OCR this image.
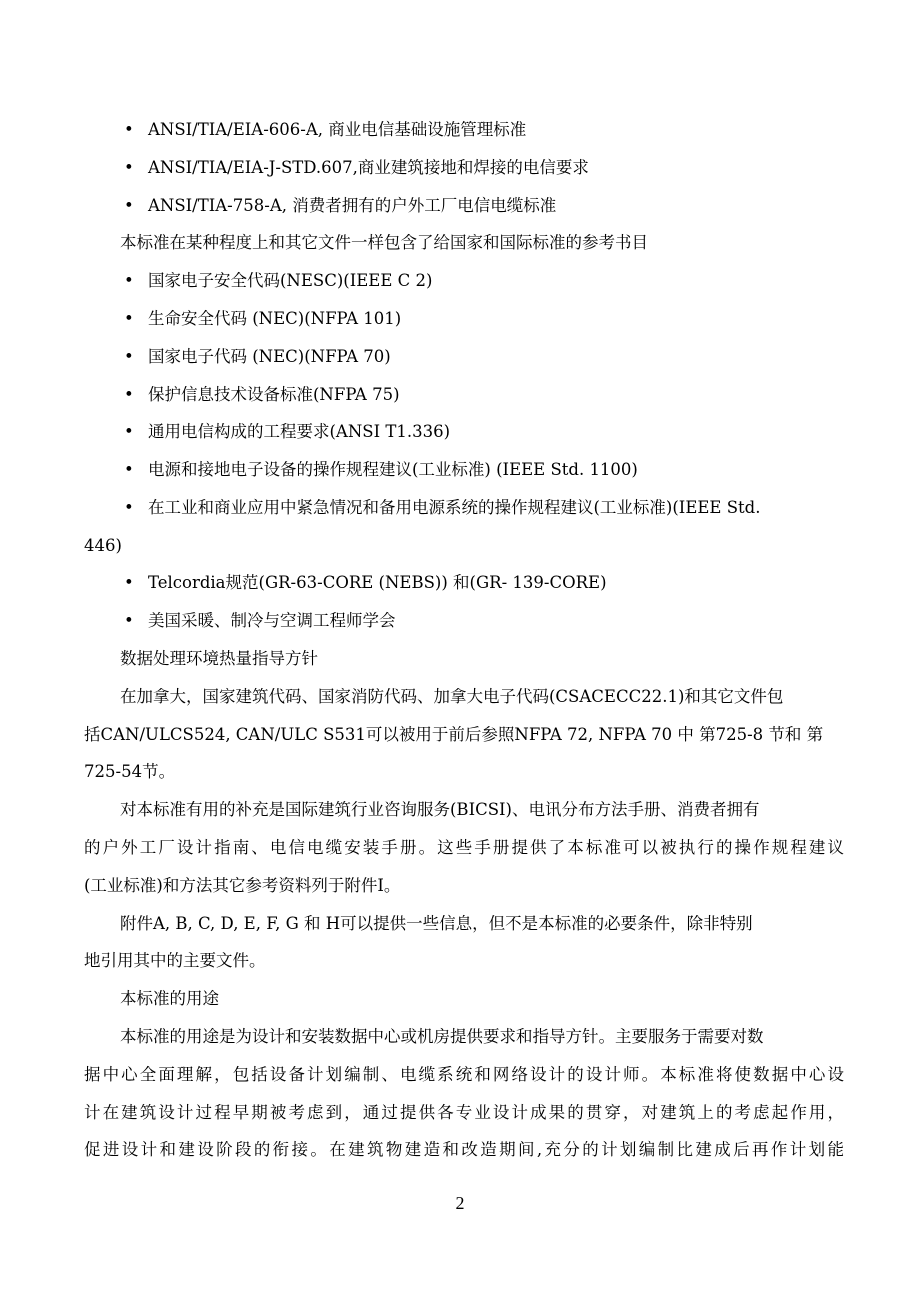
• ANSI/TIA/EIA-606-A, 商业电信基础设施管理标准
• ANSI/TIA/EIA-J-STD.607,商业建筑接地和焊接的电信要求
• ANSI/TIA-758-A, 消费者拥有的户外工厂电信电缆标准
本标准在某种程度上和其它文件一样包含了给国家和国际标准的参考书目
• 国家电子安全代码(NESC)(IEEE C 2)
• 生命安全代码 (NEC)(NFPA 101)
• 国家电子代码 (NEC)(NFPA 70)
• 保护信息技术设备标准(NFPA 75)
• 通用电信构成的工程要求(ANSI T1.336)
• 电源和接地电子设备的操作规程建议(工业标准) (IEEE Std. 1100)
• 在工业和商业应用中紧急情况和备用电源系统的操作规程建议(工业标准)(IEEE Std.
446)
• Telcordia规范(GR-63-CORE (NEBS)) 和(GR- 139-CORE)
• 美国采暖、制冷与空调工程师学会
数据处理环境热量指导方针
在加拿大，国家建筑代码、国家消防代码、加拿大电子代码(CSACECC22.1)和其它文件包
括CAN/ULCS524, CAN/ULC S531可以被用于前后参照NFPA 72, NFPA 70 中 第725-8 节和 第
725-54节。
对本标准有用的补充是国际建筑行业咨询服务(BICSI)、电讯分布方法手册、消费者拥有
的户外工厂设计指南、电信电缆安装手册。这些手册提供了本标准可以被执行的操作规程建议
(工业标准)和方法其它参考资料列于附件I。
附件A, B, C, D, E, F, G 和 H可以提供一些信息，但不是本标准的必要条件，除非特别
地引用其中的主要文件。
本标准的用途
本标准的用途是为设计和安装数据中心或机房提供要求和指导方针。主要服务于需要对数
据中心全面理解，包括设备计划编制、电缆系统和网络设计的设计师。本标准将使数据中心设
计在建筑设计过程早期被考虑到，通过提供各专业设计成果的贯穿，对建筑上的考虑起作用，
促进设计和建设阶段的衔接。在建筑物建造和改造期间,充分的计划编制比建成后再作计划能
2
